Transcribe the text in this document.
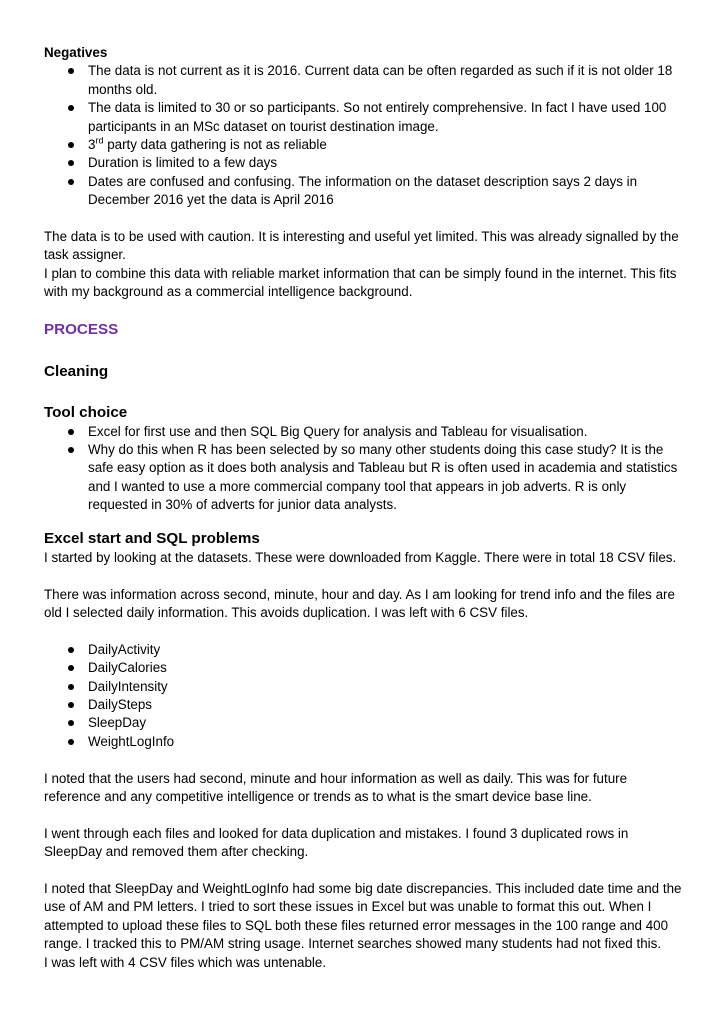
Negatives

The data is not current as it is 2016. Current data can be often regarded as such if it is not older 18 months old.
The data is limited to 30 or so participants. So not entirely comprehensive. In fact I have used 100 participants in an MSc dataset on tourist destination image.
3rd party data gathering is not as reliable
Duration is limited to a few days
Dates are confused and confusing. The information on the dataset description says 2 days in December 2016 yet the data is April 2016

The data is to be used with caution. It is interesting and useful yet limited. This was already signalled by the task assigner.

I plan to combine this data with reliable market information that can be simply found in the internet. This fits with my background as a commercial intelligence background.

PROCESS

Cleaning

Tool choice

Excel for first use and then SQL Big Query for analysis and Tableau for visualisation.
Why do this when R has been selected by so many other students doing this case study? It is the safe easy option as it does both analysis and Tableau but R is often used in academia and statistics and I wanted to use a more commercial company tool that appears in job adverts. R is only requested in 30% of adverts for junior data analysts.

Excel start and SQL problems

I started by looking at the datasets. These were downloaded from Kaggle. There were in total 18 CSV files.

There was information across second, minute, hour and day. As I am looking for trend info and the files are old I selected daily information. This avoids duplication. I was left with 6 CSV files.

DailyActivity
DailyCalories
DailyIntensity
DailySteps
SleepDay
WeightLogInfo

I noted that the users had second, minute and hour information as well as daily. This was for future reference and any competitive intelligence or trends as to what is the smart device base line.

I went through each files and looked for data duplication and mistakes. I found 3 duplicated rows in SleepDay and removed them after checking.

I noted that SleepDay and WeightLogInfo had some big date discrepancies. This included date time and the use of AM and PM letters. I tried to sort these issues in Excel but was unable to format this out. When I attempted to upload these files to SQL both these files returned error messages in the 100 range and 400 range. I tracked this to PM/AM string usage. Internet searches showed many students had not fixed this.

I was left with 4 CSV files which was untenable.
